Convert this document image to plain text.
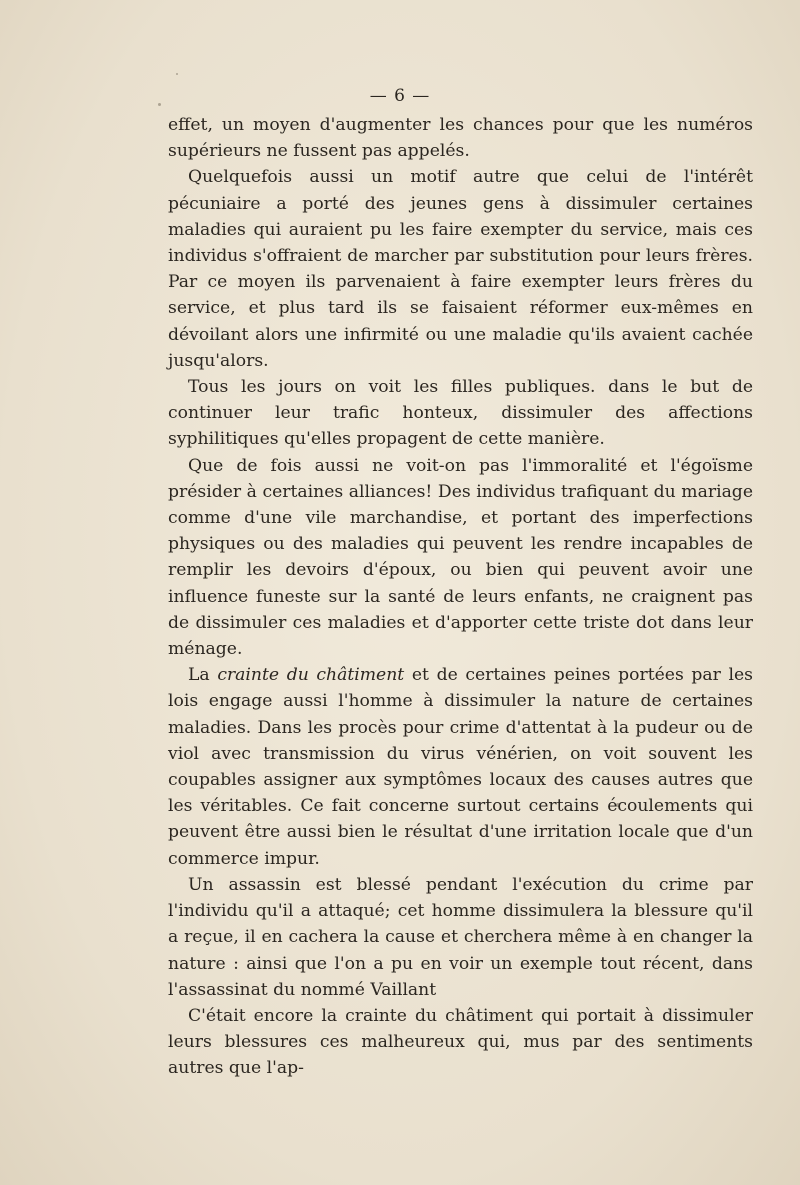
— 6 —

effet, un moyen d'augmenter les chances pour que les numéros supérieurs ne fussent pas appelés.

Quelquefois aussi un motif autre que celui de l'intérêt pécuniaire a porté des jeunes gens à dissimuler certaines maladies qui auraient pu les faire exempter du service, mais ces individus s'offraient de marcher par substitution pour leurs frères. Par ce moyen ils parvenaient à faire exempter leurs frères du service, et plus tard ils se faisaient réformer eux-mêmes en dévoilant alors une infirmité ou une maladie qu'ils avaient cachée jusqu'alors.

Tous les jours on voit les filles publiques. dans le but de continuer leur trafic honteux, dissimuler des affections syphilitiques qu'elles propagent de cette manière.

Que de fois aussi ne voit-on pas l'immoralité et l'égoïsme présider à certaines alliances! Des individus trafiquant du mariage comme d'une vile marchandise, et portant des imperfections physiques ou des maladies qui peuvent les rendre incapables de remplir les devoirs d'époux, ou bien qui peuvent avoir une influence funeste sur la santé de leurs enfants, ne craignent pas de dissimuler ces maladies et d'apporter cette triste dot dans leur ménage.

La crainte du châtiment et de certaines peines portées par les lois engage aussi l'homme à dissimuler la nature de certaines maladies. Dans les procès pour crime d'attentat à la pudeur ou de viol avec transmission du virus vénérien, on voit souvent les coupables assigner aux symptômes locaux des causes autres que les véritables. Ce fait concerne surtout certains écoulements qui peuvent être aussi bien le résultat d'une irritation locale que d'un commerce impur.

Un assassin est blessé pendant l'exécution du crime par l'individu qu'il a attaqué; cet homme dissimulera la blessure qu'il a reçue, il en cachera la cause et cherchera même à en changer la nature : ainsi que l'on a pu en voir un exemple tout récent, dans l'assassinat du nommé Vaillant

C'était encore la crainte du châtiment qui portait à dissimuler leurs blessures ces malheureux qui, mus par des sentiments autres que l'ap-
